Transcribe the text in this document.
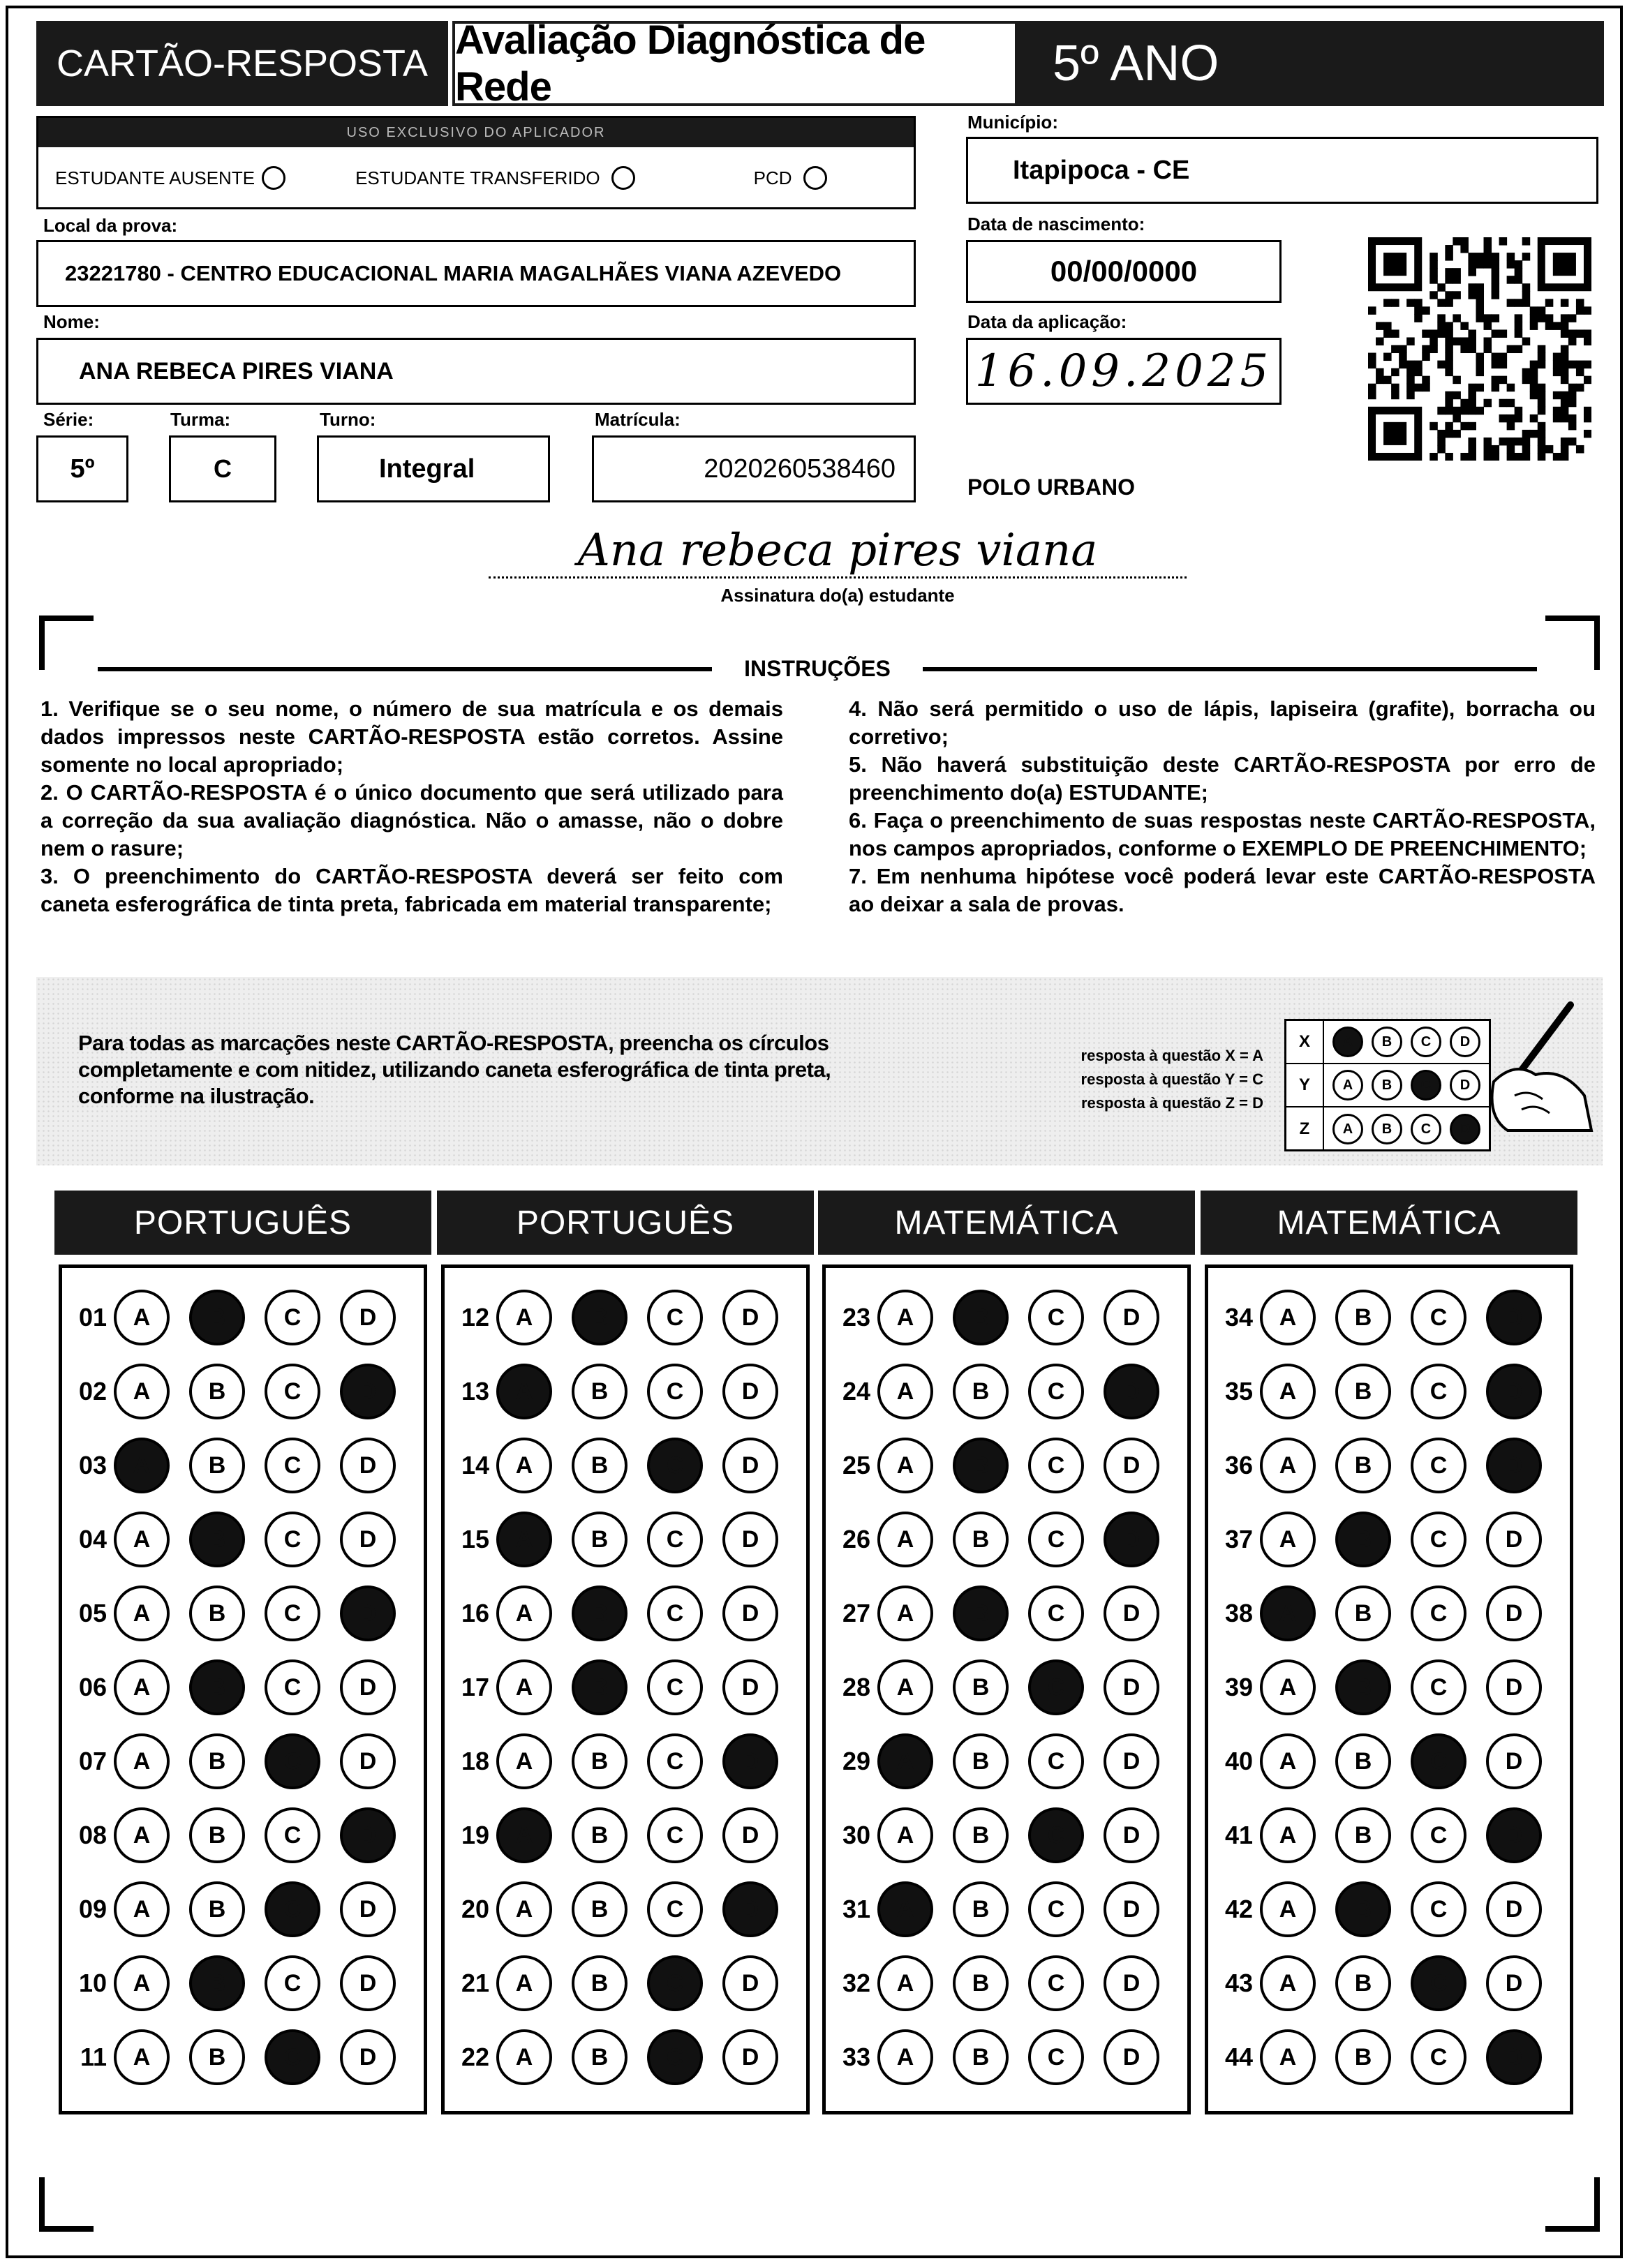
CARTÃO-RESPOSTA
Avaliação Diagnóstica de Rede	5º ANO
USO EXCLUSIVO DO APLICADOR
ESTUDANTE AUSENTE	ESTUDANTE TRANSFERIDO	PCD
Município:
Itapipoca - CE
Local da prova:
23221780 - CENTRO EDUCACIONAL MARIA MAGALHÃES VIANA AZEVEDO
Data de nascimento:
00/00/0000
Nome:
ANA REBECA PIRES VIANA
Data da aplicação:
16.09.2025
Série:
5º
Turma:
C
Turno:
Integral
Matrícula:
2020260538460
POLO URBANO
Ana rebeca pires viana
Assinatura do(a) estudante
INSTRUÇÕES

1. Verifique se o seu nome, o número de sua matrícula e os demais dados impressos neste CARTÃO-RESPOSTA estão corretos. Assine somente no local apropriado;

2. O CARTÃO-RESPOSTA é o único documento que será utilizado para a correção da sua avaliação diagnóstica. Não o amasse, não o dobre nem o rasure;

3. O preenchimento do CARTÃO-RESPOSTA deverá ser feito com caneta esferográfica de tinta preta, fabricada em material transparente;

4. Não será permitido o uso de lápis, lapiseira (grafite), borracha ou corretivo;

5. Não haverá substituição deste CARTÃO-RESPOSTA por erro de preenchimento do(a) ESTUDANTE;

6. Faça o preenchimento de suas respostas neste CARTÃO-RESPOSTA, nos campos apropriados, conforme o EXEMPLO DE PREENCHIMENTO;

7. Em nenhuma hipótese você poderá levar este CARTÃO-RESPOSTA ao deixar a sala de provas.

Para todas as marcações neste CARTÃO-RESPOSTA, preencha os círculos completamente e com nitidez, utilizando caneta esferográfica de tinta preta, conforme na ilustração.
resposta à questão X = A
resposta à questão Y = C
resposta à questão Z = D
X	A	B	C	D
Y	A	B	C	D
Z	A	B	C	D
PORTUGUÊS
01	A	B	C	D
02	A	B	C	D
03	A	B	C	D
04	A	B	C	D
05	A	B	C	D
06	A	B	C	D
07	A	B	C	D
08	A	B	C	D
09	A	B	C	D
10	A	B	C	D
11	A	B	C	D
PORTUGUÊS
12	A	B	C	D
13	A	B	C	D
14	A	B	C	D
15	A	B	C	D
16	A	B	C	D
17	A	B	C	D
18	A	B	C	D
19	A	B	C	D
20	A	B	C	D
21	A	B	C	D
22	A	B	C	D
MATEMÁTICA
23	A	B	C	D
24	A	B	C	D
25	A	B	C	D
26	A	B	C	D
27	A	B	C	D
28	A	B	C	D
29	A	B	C	D
30	A	B	C	D
31	A	B	C	D
32	A	B	C	D
33	A	B	C	D
MATEMÁTICA
34	A	B	C	D
35	A	B	C	D
36	A	B	C	D
37	A	B	C	D
38	A	B	C	D
39	A	B	C	D
40	A	B	C	D
41	A	B	C	D
42	A	B	C	D
43	A	B	C	D
44	A	B	C	D
